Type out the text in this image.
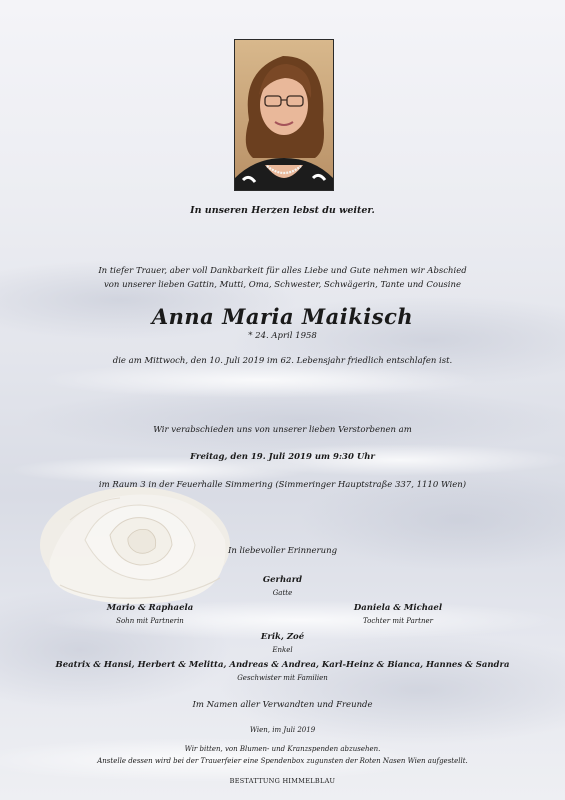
In unseren Herzen lebst du weiter.
In tiefer Trauer, aber voll Dankbarkeit für alles Liebe und Gute nehmen wir Abschied
von unserer lieben Gattin, Mutti, Oma, Schwester, Schwägerin, Tante und Cousine
Anna Maria Maikisch
* 24. April 1958
die am Mittwoch, den 10. Juli 2019 im 62. Lebensjahr friedlich entschlafen ist.
Wir verabschieden uns von unserer lieben Verstorbenen am
Freitag, den 19. Juli 2019 um 9:30 Uhr
im Raum 3 in der Feuerhalle Simmering (Simmeringer Hauptstraße 337, 1110 Wien)
In liebevoller Erinnerung
Gerhard
Gatte
Mario & Raphaela
Sohn mit Partnerin
Daniela & Michael
Tochter mit Partner
Erik, Zoé
Enkel
Beatrix & Hansi, Herbert & Melitta, Andreas & Andrea, Karl-Heinz & Bianca, Hannes & Sandra
Geschwister mit Familien
Im Namen aller Verwandten und Freunde
Wien, im Juli 2019
Wir bitten, von Blumen- und Kranzspenden abzusehen.
Anstelle dessen wird bei der Trauerfeier eine Spendenbox zugunsten der Roten Nasen Wien aufgestellt.
BESTATTUNG HIMMELBLAU
